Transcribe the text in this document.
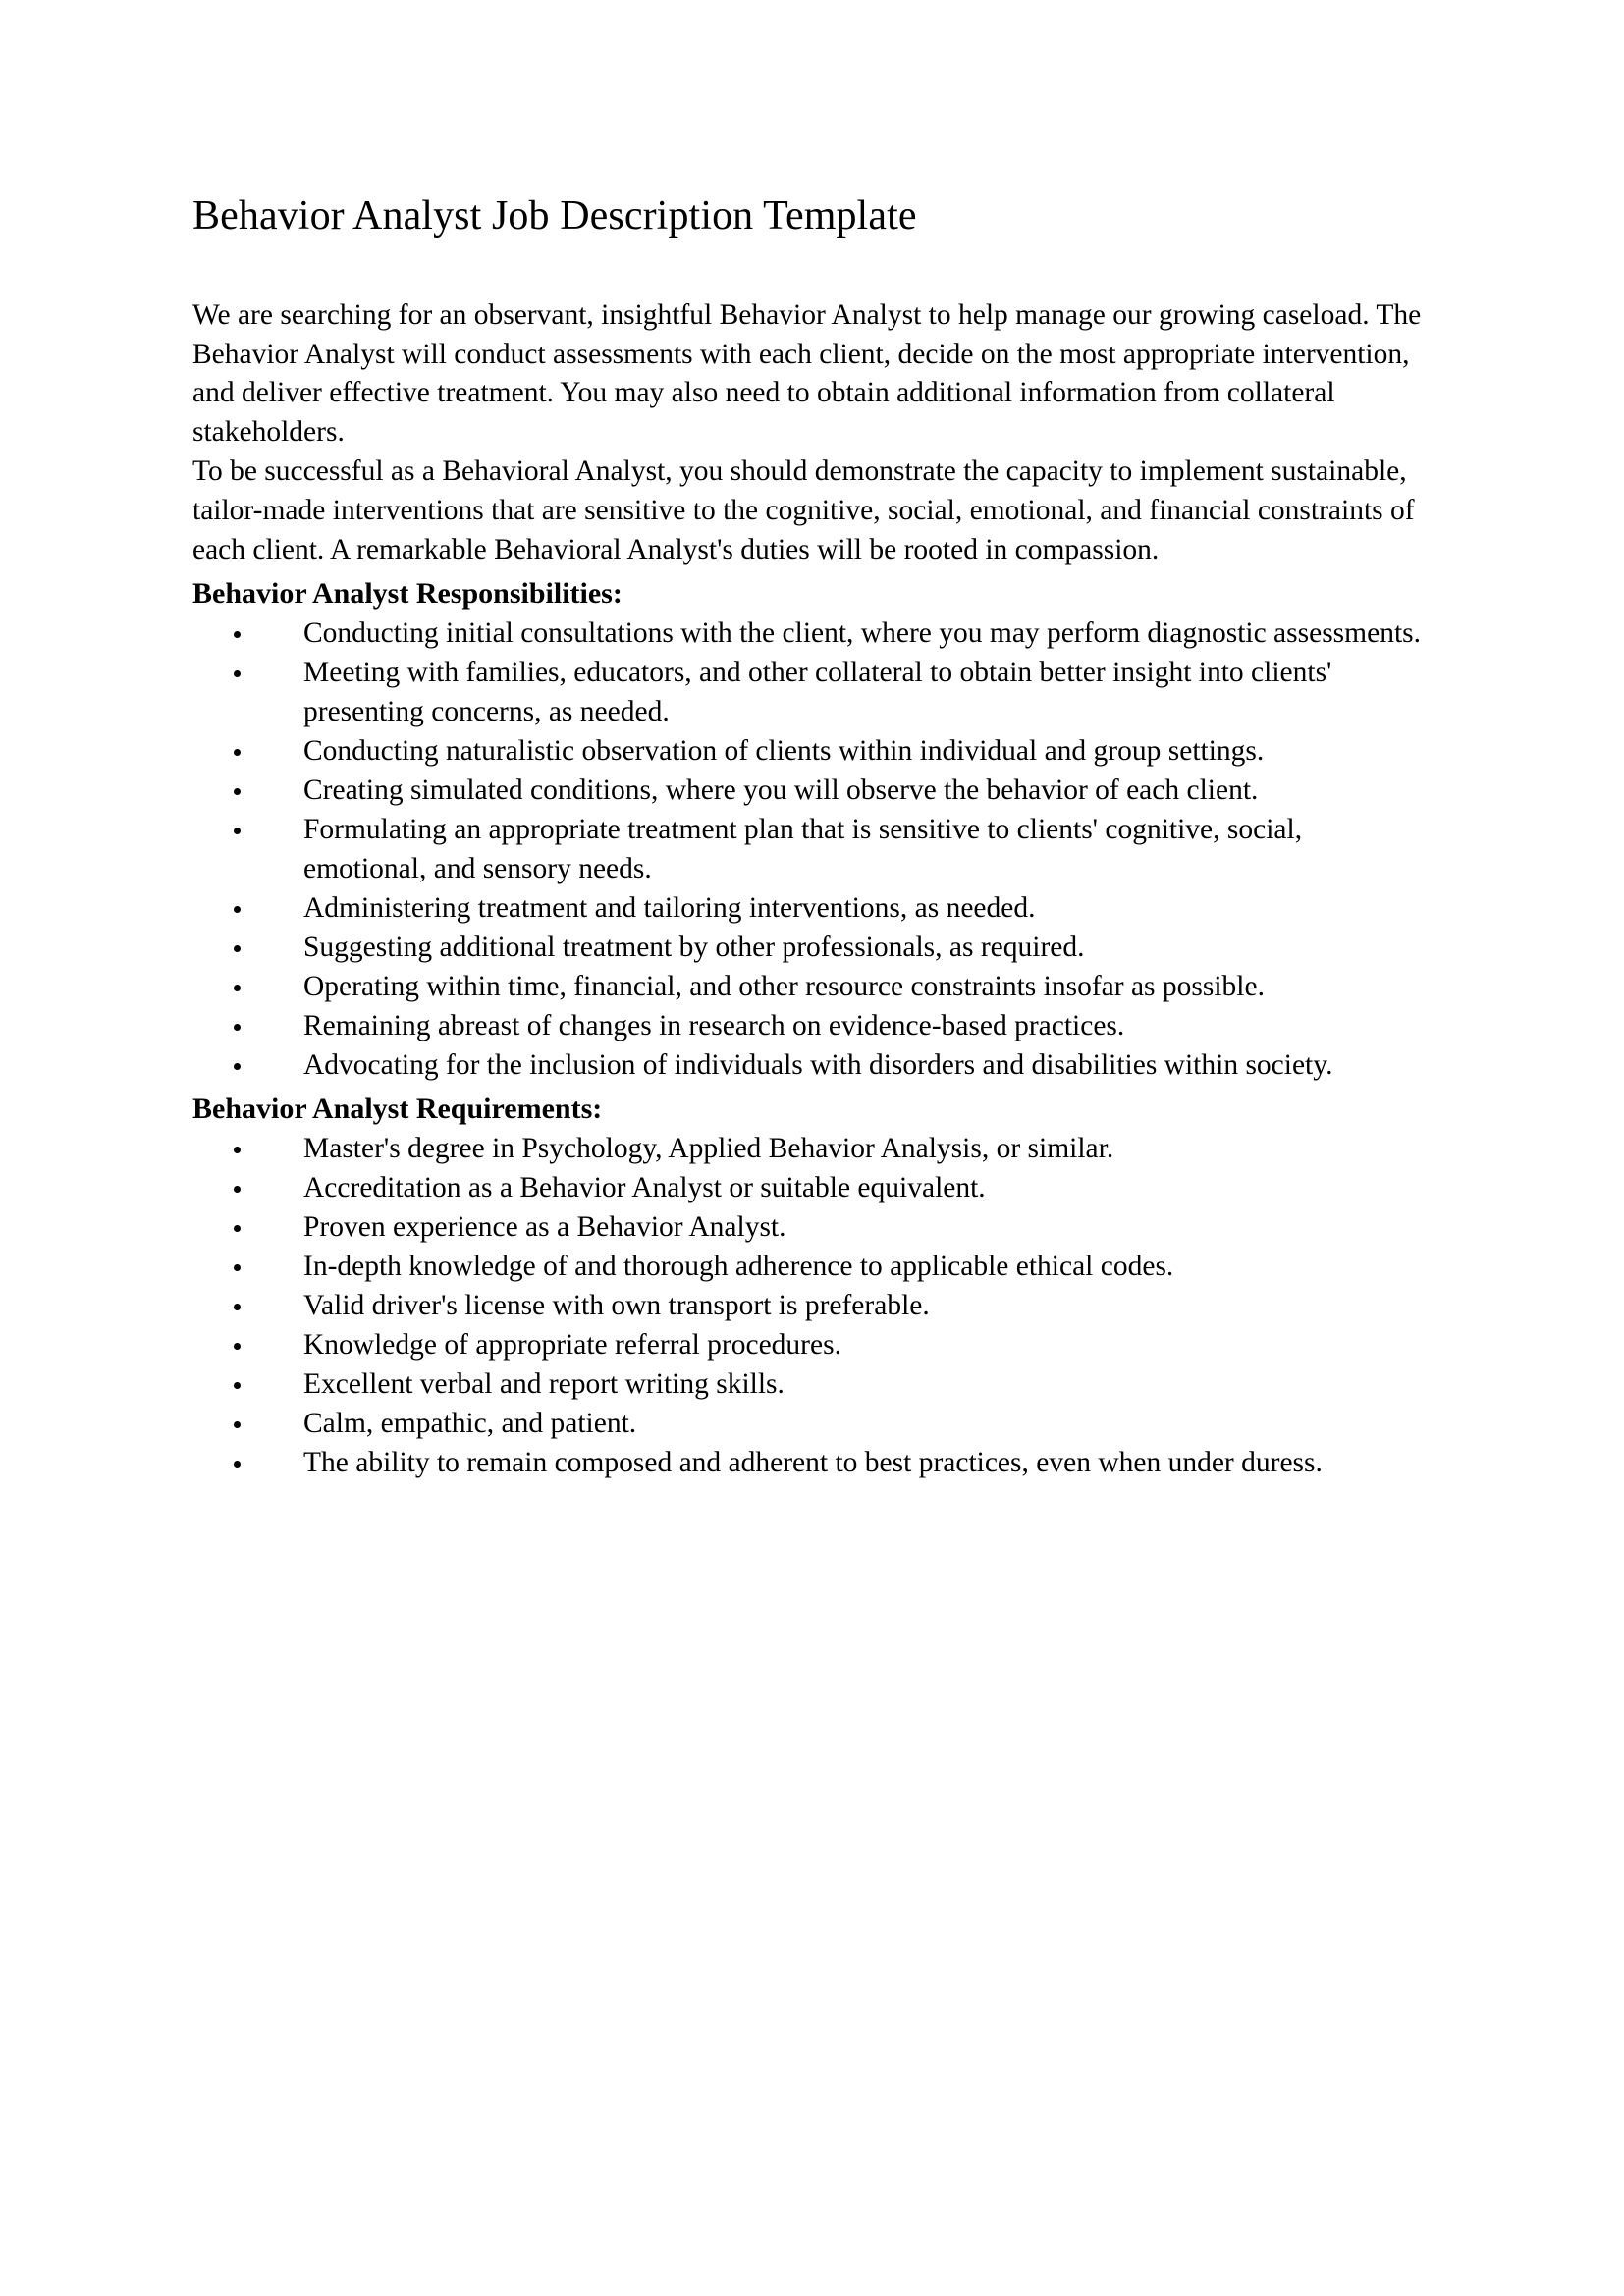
Behavior Analyst Job Description Template

We are searching for an observant, insightful Behavior Analyst to help manage our growing caseload. The Behavior Analyst will conduct assessments with each client, decide on the most appropriate intervention, and deliver effective treatment. You may also need to obtain additional information from collateral stakeholders.

To be successful as a Behavioral Analyst, you should demonstrate the capacity to implement sustainable, tailor-made interventions that are sensitive to the cognitive, social, emotional, and financial constraints of each client. A remarkable Behavioral Analyst's duties will be rooted in compassion.

Behavior Analyst Responsibilities:
Conducting initial consultations with the client, where you may perform diagnostic assessments.
Meeting with families, educators, and other collateral to obtain better insight into clients' presenting concerns, as needed.
Conducting naturalistic observation of clients within individual and group settings.
Creating simulated conditions, where you will observe the behavior of each client.
Formulating an appropriate treatment plan that is sensitive to clients' cognitive, social, emotional, and sensory needs.
Administering treatment and tailoring interventions, as needed.
Suggesting additional treatment by other professionals, as required.
Operating within time, financial, and other resource constraints insofar as possible.
Remaining abreast of changes in research on evidence-based practices.
Advocating for the inclusion of individuals with disorders and disabilities within society.
Behavior Analyst Requirements:
Master's degree in Psychology, Applied Behavior Analysis, or similar.
Accreditation as a Behavior Analyst or suitable equivalent.
Proven experience as a Behavior Analyst.
In-depth knowledge of and thorough adherence to applicable ethical codes.
Valid driver's license with own transport is preferable.
Knowledge of appropriate referral procedures.
Excellent verbal and report writing skills.
Calm, empathic, and patient.
The ability to remain composed and adherent to best practices, even when under duress.
